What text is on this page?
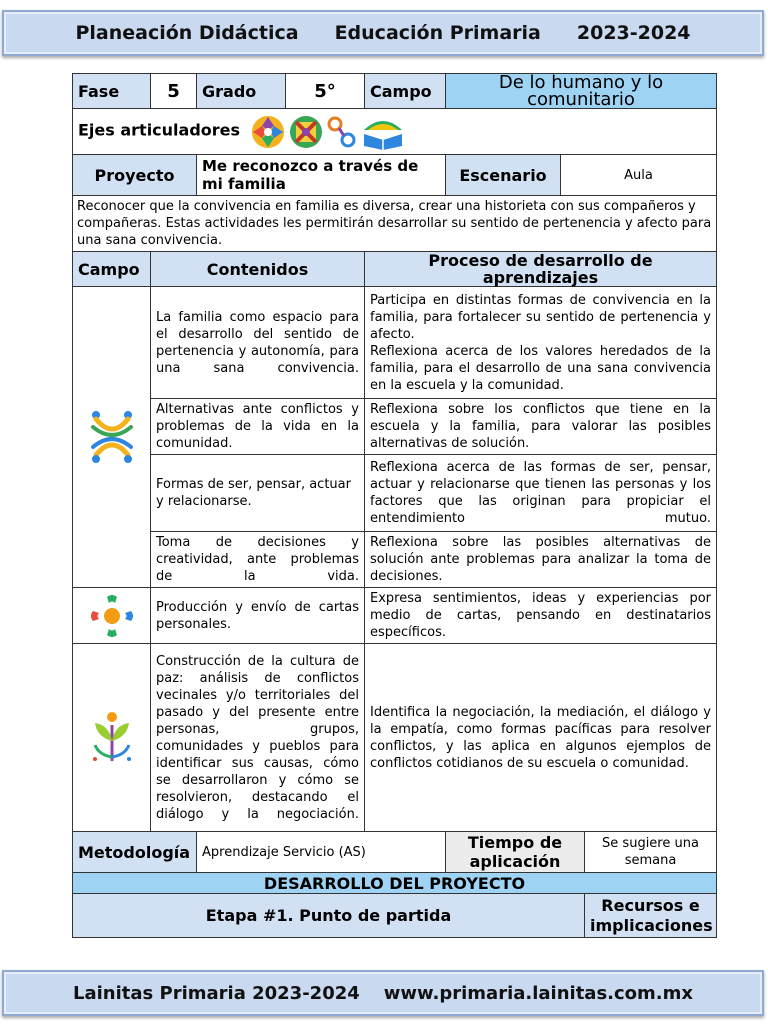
Planeación Didáctica Educación Primaria 2023-2024
Fase	5	Grado	5°	Campo	De lo humano y lo comunitario		
Ejes articuladores							

Proyecto		Me reconozco a través de mi familia			Escenario	Aula	
Reconocer que la convivencia en familia es diversa, crear una historieta con sus compañeros y compañeras. Estas actividades les permitirán desarrollar su sentido de pertenencia y afecto para una sana convivencia.							
Campo	Contenidos			Proceso de desarrollo de aprendizajes			

	La familia como espacio para el desarrollo del sentido de pertenencia y autonomía, para una sana convivencia.			Participa en distintas formas de convivencia en la familia, para fortalecer su sentido de pertenencia y afecto.
Reflexiona acerca de los valores heredados de la familia, para el desarrollo de una sana convivencia en la escuela y la comunidad.			

	Alternativas ante conflictos y problemas de la vida en la comunidad.			Reflexiona sobre los conflictos que tiene en la escuela y la familia, para valorar las posibles alternativas de solución.			
	Formas de ser, pensar, actuar y relacionarse.			Reflexiona acerca de las formas de ser, pensar, actuar y relacionarse que tienen las personas y los factores que las originan para propiciar el entendimiento mutuo.			
	Toma de decisiones y creatividad, ante problemas de la vida.			Reflexiona sobre las posibles alternativas de solución ante problemas para analizar la toma de decisiones.			

	Producción y envío de cartas personales.			Expresa sentimientos, ideas y experiencias por medio de cartas, pensando en destinatarios específicos.			

	Construcción de la cultura de paz: análisis de conflictos vecinales y/o territoriales del pasado y del presente entre personas, grupos, comunidades y pueblos para identificar sus causas, cómo se desarrollaron y cómo se resolvieron, destacando el diálogo y la negociación.			Identifica la negociación, la mediación, el diálogo y la empatía, como formas pacíficas para resolver conflictos, y las aplica en algunos ejemplos de conflictos cotidianos de su escuela o comunidad.			
Metodología		Aprendizaje Servicio (AS)			Tiempo de aplicación		Se sugiere una semana
DESARROLLO DEL PROYECTO							
Etapa #1. Punto de partida							Recursos e implicaciones
Lainitas Primaria 2023-2024 www.primaria.lainitas.com.mx
